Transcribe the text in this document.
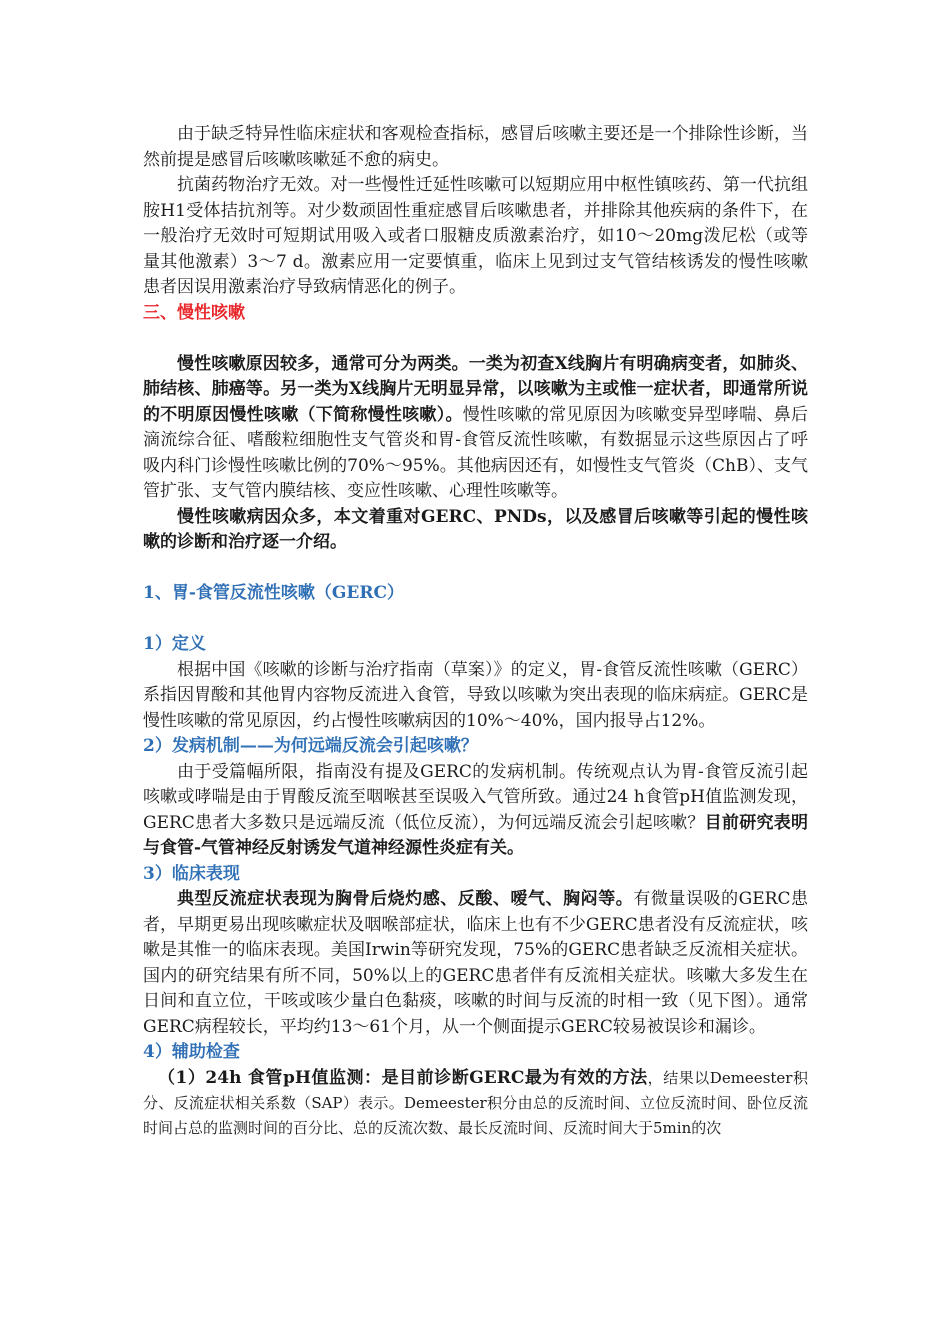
由于缺乏特异性临床症状和客观检查指标，感冒后咳嗽主要还是一个排除性诊断，当然前提是感冒后咳嗽咳嗽延不愈的病史。

抗菌药物治疗无效。对一些慢性迁延性咳嗽可以短期应用中枢性镇咳药、第一代抗组胺H1受体拮抗剂等。对少数顽固性重症感冒后咳嗽患者，并排除其他疾病的条件下，在一般治疗无效时可短期试用吸入或者口服糖皮质激素治疗，如10～20mg泼尼松（或等量其他激素）3～7 d。激素应用一定要慎重，临床上见到过支气管结核诱发的慢性咳嗽患者因误用激素治疗导致病情恶化的例子。

三、慢性咳嗽

慢性咳嗽原因较多，通常可分为两类。一类为初查X线胸片有明确病变者，如肺炎、肺结核、肺癌等。另一类为X线胸片无明显异常，以咳嗽为主或惟一症状者，即通常所说的不明原因慢性咳嗽（下简称慢性咳嗽）。慢性咳嗽的常见原因为咳嗽变异型哮喘、鼻后滴流综合征、嗜酸粒细胞性支气管炎和胃-食管反流性咳嗽，有数据显示这些原因占了呼吸内科门诊慢性咳嗽比例的70%～95%。其他病因还有，如慢性支气管炎（ChB）、支气管扩张、支气管内膜结核、变应性咳嗽、心理性咳嗽等。

慢性咳嗽病因众多，本文着重对GERC、PNDs，以及感冒后咳嗽等引起的慢性咳嗽的诊断和治疗逐一介绍。

1、胃-食管反流性咳嗽（GERC）

1）定义

根据中国《咳嗽的诊断与治疗指南（草案）》的定义，胃-食管反流性咳嗽（GERC）系指因胃酸和其他胃内容物反流进入食管，导致以咳嗽为突出表现的临床病症。GERC是慢性咳嗽的常见原因，约占慢性咳嗽病因的10%～40%，国内报导占12%。

2）发病机制——为何远端反流会引起咳嗽？

由于受篇幅所限，指南没有提及GERC的发病机制。传统观点认为胃-食管反流引起咳嗽或哮喘是由于胃酸反流至咽喉甚至误吸入气管所致。通过24 h食管pH值监测发现，GERC患者大多数只是远端反流（低位反流），为何远端反流会引起咳嗽？目前研究表明与食管-气管神经反射诱发气道神经源性炎症有关。

3）临床表现

典型反流症状表现为胸骨后烧灼感、反酸、嗳气、胸闷等。有微量误吸的GERC患者，早期更易出现咳嗽症状及咽喉部症状，临床上也有不少GERC患者没有反流症状，咳嗽是其惟一的临床表现。美国Irwin等研究发现，75%的GERC患者缺乏反流相关症状。国内的研究结果有所不同，50%以上的GERC患者伴有反流相关症状。咳嗽大多发生在日间和直立位，干咳或咳少量白色黏痰，咳嗽的时间与反流的时相一致（见下图）。通常GERC病程较长，平均约13～61个月，从一个侧面提示GERC较易被误诊和漏诊。

4）辅助检查

（1）24h 食管pH值监测：是目前诊断GERC最为有效的方法，结果以Demeester积分、反流症状相关系数（SAP）表示。Demeester积分由总的反流时间、立位反流时间、卧位反流时间占总的监测时间的百分比、总的反流次数、最长反流时间、反流时间大于5min的次
